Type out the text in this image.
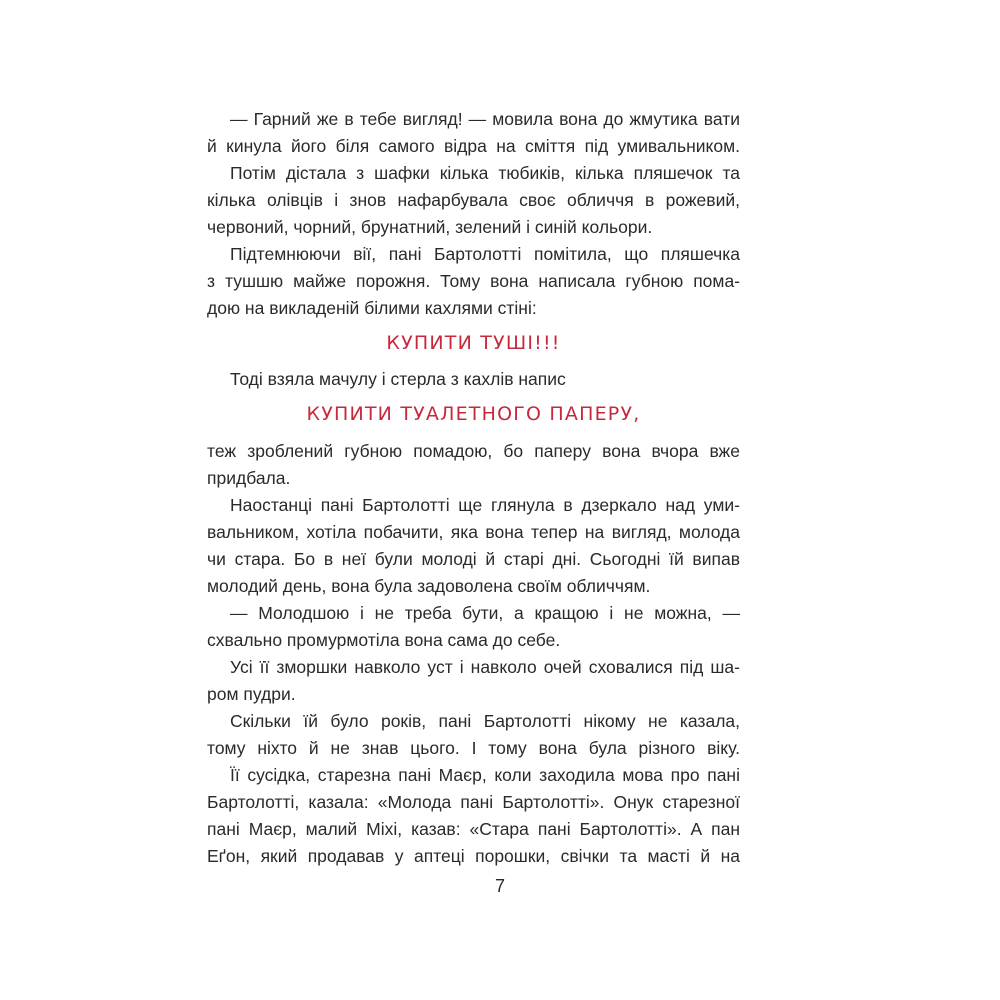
— Гарний же в тебе вигляд! — мовила вона до жмутика вати
й кинула його біля самого відра на сміття під умивальником.
Потім дістала з шафки кілька тюбиків, кілька пляшечок та
кілька олівців і знов нафарбувала своє обличчя в рожевий,
червоний, чорний, брунатний, зелений і синій кольори.
Підтемнюючи вії, пані Бартолотті помітила, що пляшечка
з тушшю майже порожня. Тому вона написала губною пома-
дою на викладеній білими кахлями стіні:
КУПИТИ ТУШІ!!!
Тоді взяла мачулу і стерла з кахлів напис
КУПИТИ ТУАЛЕТНОГО ПАПЕРУ,
теж зроблений губною помадою, бо паперу вона вчора вже
придбала.
Наостанці пані Бартолотті ще глянула в дзеркало над уми-
вальником, хотіла побачити, яка вона тепер на вигляд, молода
чи стара. Бо в неї були молоді й старі дні. Сьогодні їй випав
молодий день, вона була задоволена своїм обличчям.
— Молодшою і не треба бути, а кращою і не можна, —
схвально промурмотіла вона сама до себе.
Усі її зморшки навколо уст і навколо очей сховалися під ша-
ром пудри.
Скільки їй було років, пані Бартолотті нікому не казала,
тому ніхто й не знав цього. І тому вона була різного віку.
Її сусідка, старезна пані Маєр, коли заходила мова про пані
Бартолотті, казала: «Молода пані Бартолотті». Онук старезної
пані Маєр, малий Міхі, казав: «Стара пані Бартолотті». А пан
Еґон, який продавав у аптеці порошки, свічки та масті й на
7
